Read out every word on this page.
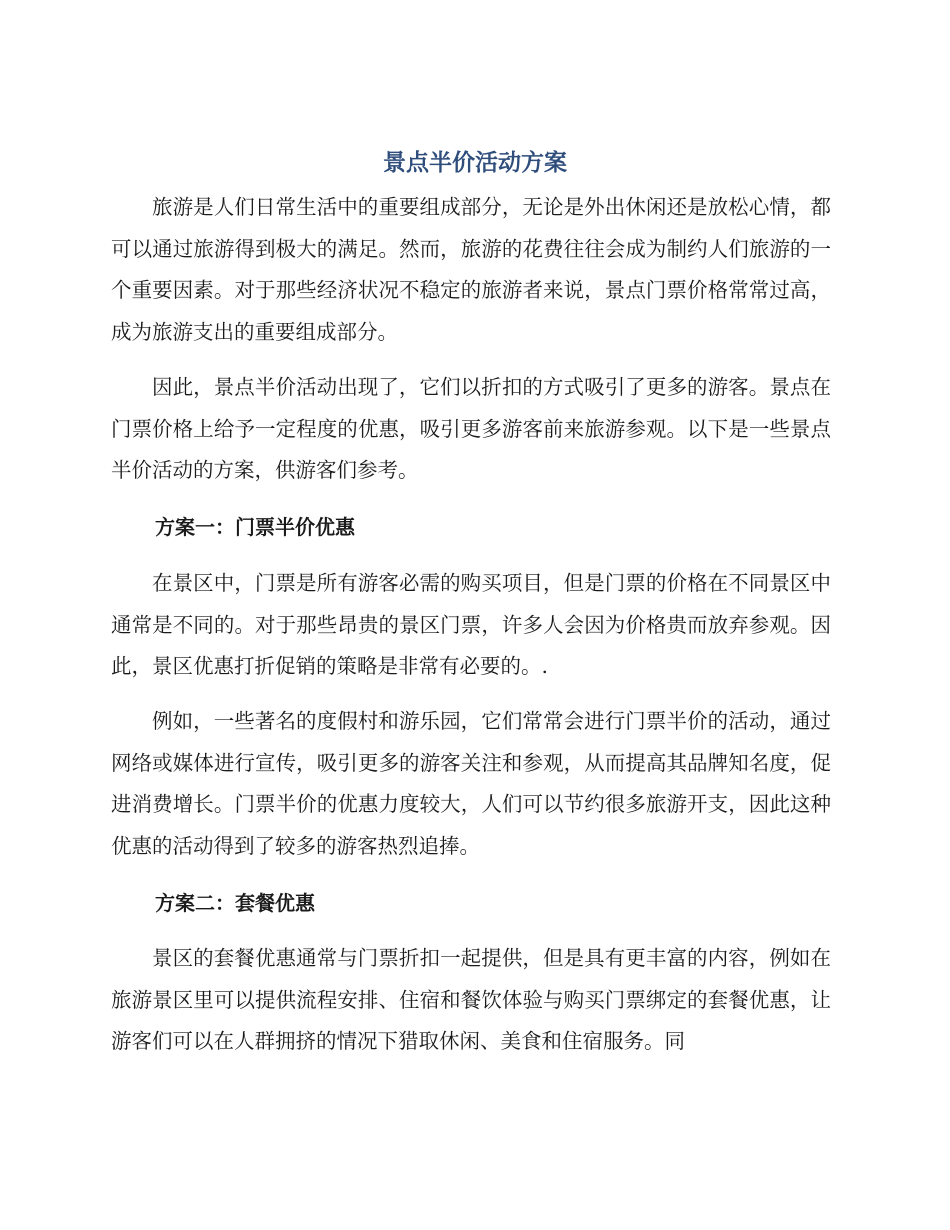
景点半价活动方案

旅游是人们日常生活中的重要组成部分，无论是外出休闲还是放松心情，都可以通过旅游得到极大的满足。然而，旅游的花费往往会成为制约人们旅游的一个重要因素。对于那些经济状况不稳定的旅游者来说，景点门票价格常常过高，成为旅游支出的重要组成部分。

因此，景点半价活动出现了，它们以折扣的方式吸引了更多的游客。景点在门票价格上给予一定程度的优惠，吸引更多游客前来旅游参观。以下是一些景点半价活动的方案，供游客们参考。

方案一：门票半价优惠

在景区中，门票是所有游客必需的购买项目，但是门票的价格在不同景区中通常是不同的。对于那些昂贵的景区门票，许多人会因为价格贵而放弃参观。因此，景区优惠打折促销的策略是非常有必要的。.

例如，一些著名的度假村和游乐园，它们常常会进行门票半价的活动，通过网络或媒体进行宣传，吸引更多的游客关注和参观，从而提高其品牌知名度，促进消费增长。门票半价的优惠力度较大，人们可以节约很多旅游开支，因此这种优惠的活动得到了较多的游客热烈追捧。

方案二：套餐优惠

景区的套餐优惠通常与门票折扣一起提供，但是具有更丰富的内容，例如在旅游景区里可以提供流程安排、住宿和餐饮体验与购买门票绑定的套餐优惠，让游客们可以在人群拥挤的情况下猎取休闲、美食和住宿服务。同
